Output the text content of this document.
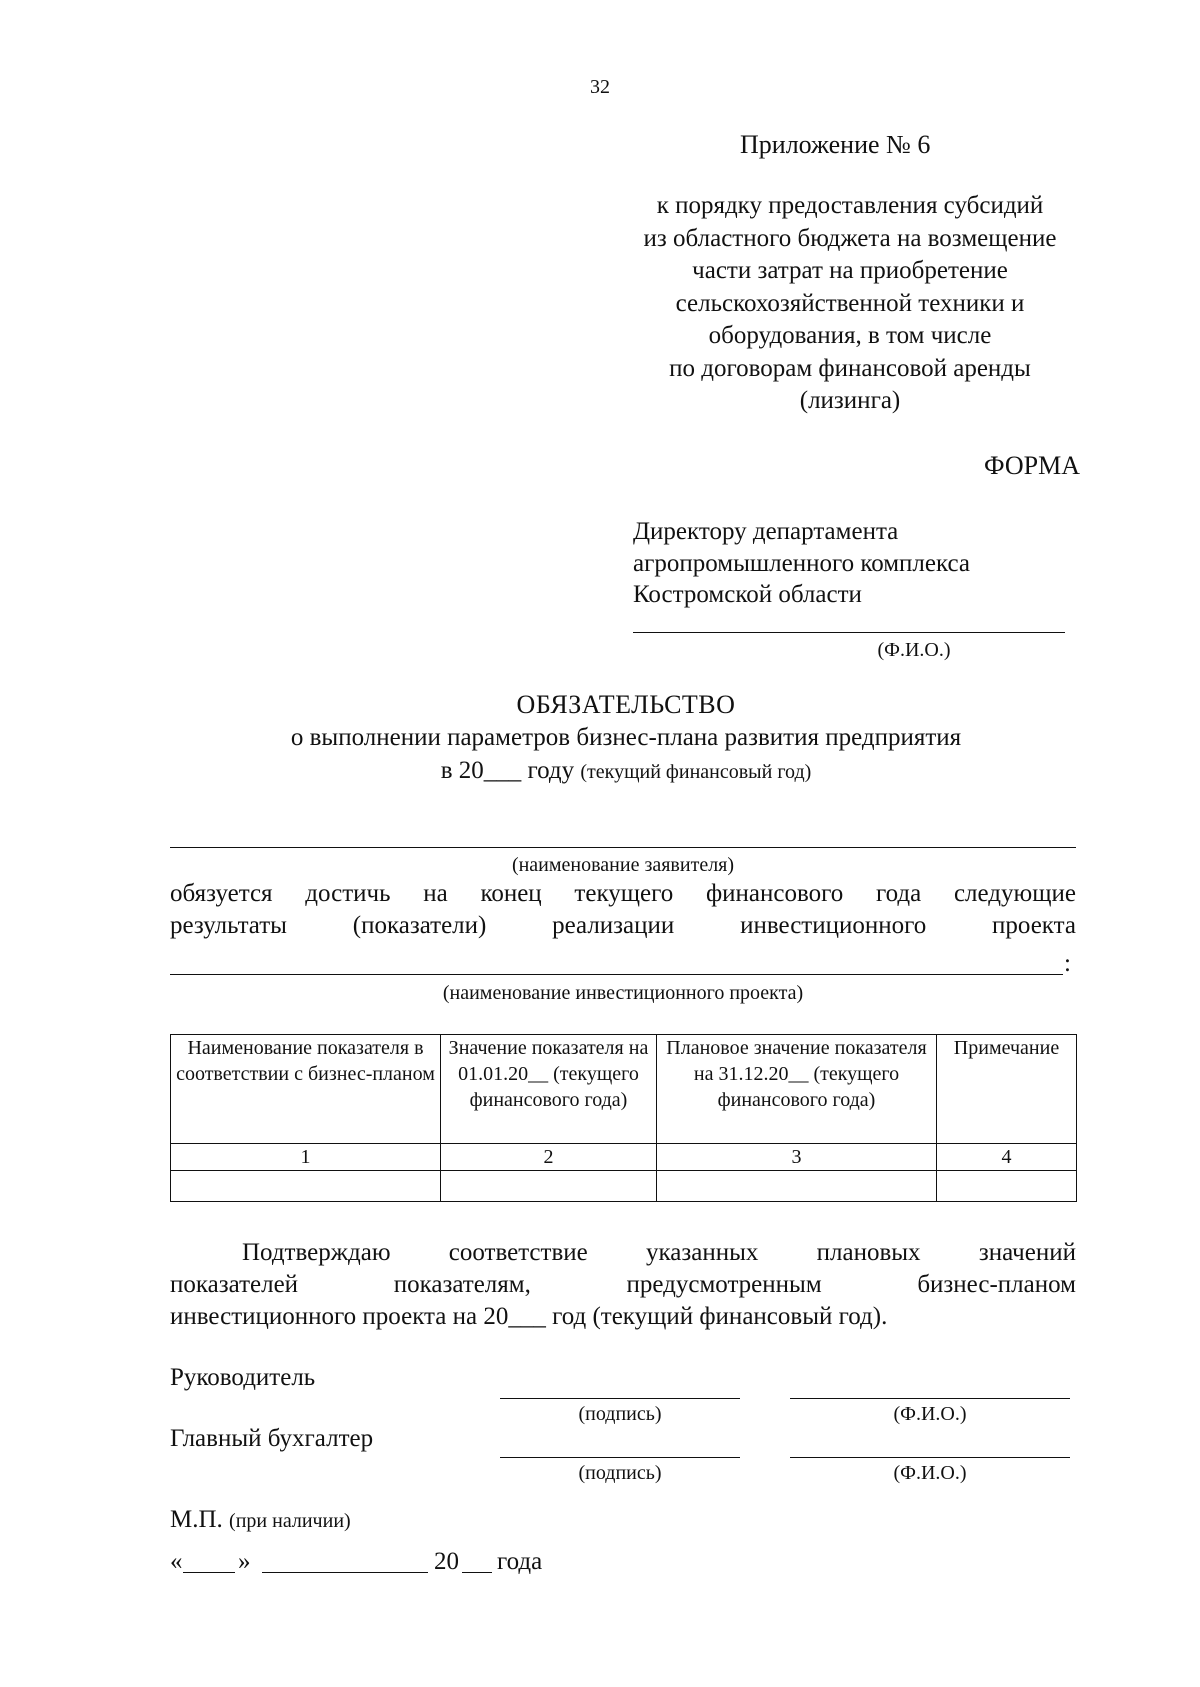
32
Приложение № 6
к порядку предоставления субсидий
из областного бюджета на возмещение
части затрат на приобретение
сельскохозяйственной техники и
оборудования, в том числе
по договорам финансовой аренды
(лизинга)
ФОРМА
Директору департамента
агропромышленного комплекса
Костромской области
(Ф.И.О.)
ОБЯЗАТЕЛЬСТВО
о выполнении параметров бизнес-плана развития предприятия
в 20___ году (текущий финансовый год)
(наименование заявителя)
обязуется достичь на конец текущего финансового года следующие
результаты	(показатели)	реализации	инвестиционного	проекта
:
(наименование инвестиционного проекта)
Наименование показателя в соответствии с бизнес-планом	Значение показателя на 01.01.20__ (текущего финансового года)	Плановое значение показателя на 31.12.20__ (текущего финансового года)	Примечание
1	2	3	4

Подтверждаю соответствие указанных плановых значений
показателей	показателям,	предусмотренным	бизнес-планом
инвестиционного проекта на 20___ год (текущий финансовый год).
Руководитель
(подпись)	(Ф.И.О.)
Главный бухгалтер
(подпись)	(Ф.И.О.)
М.П. (при наличии)
« »	20 года
